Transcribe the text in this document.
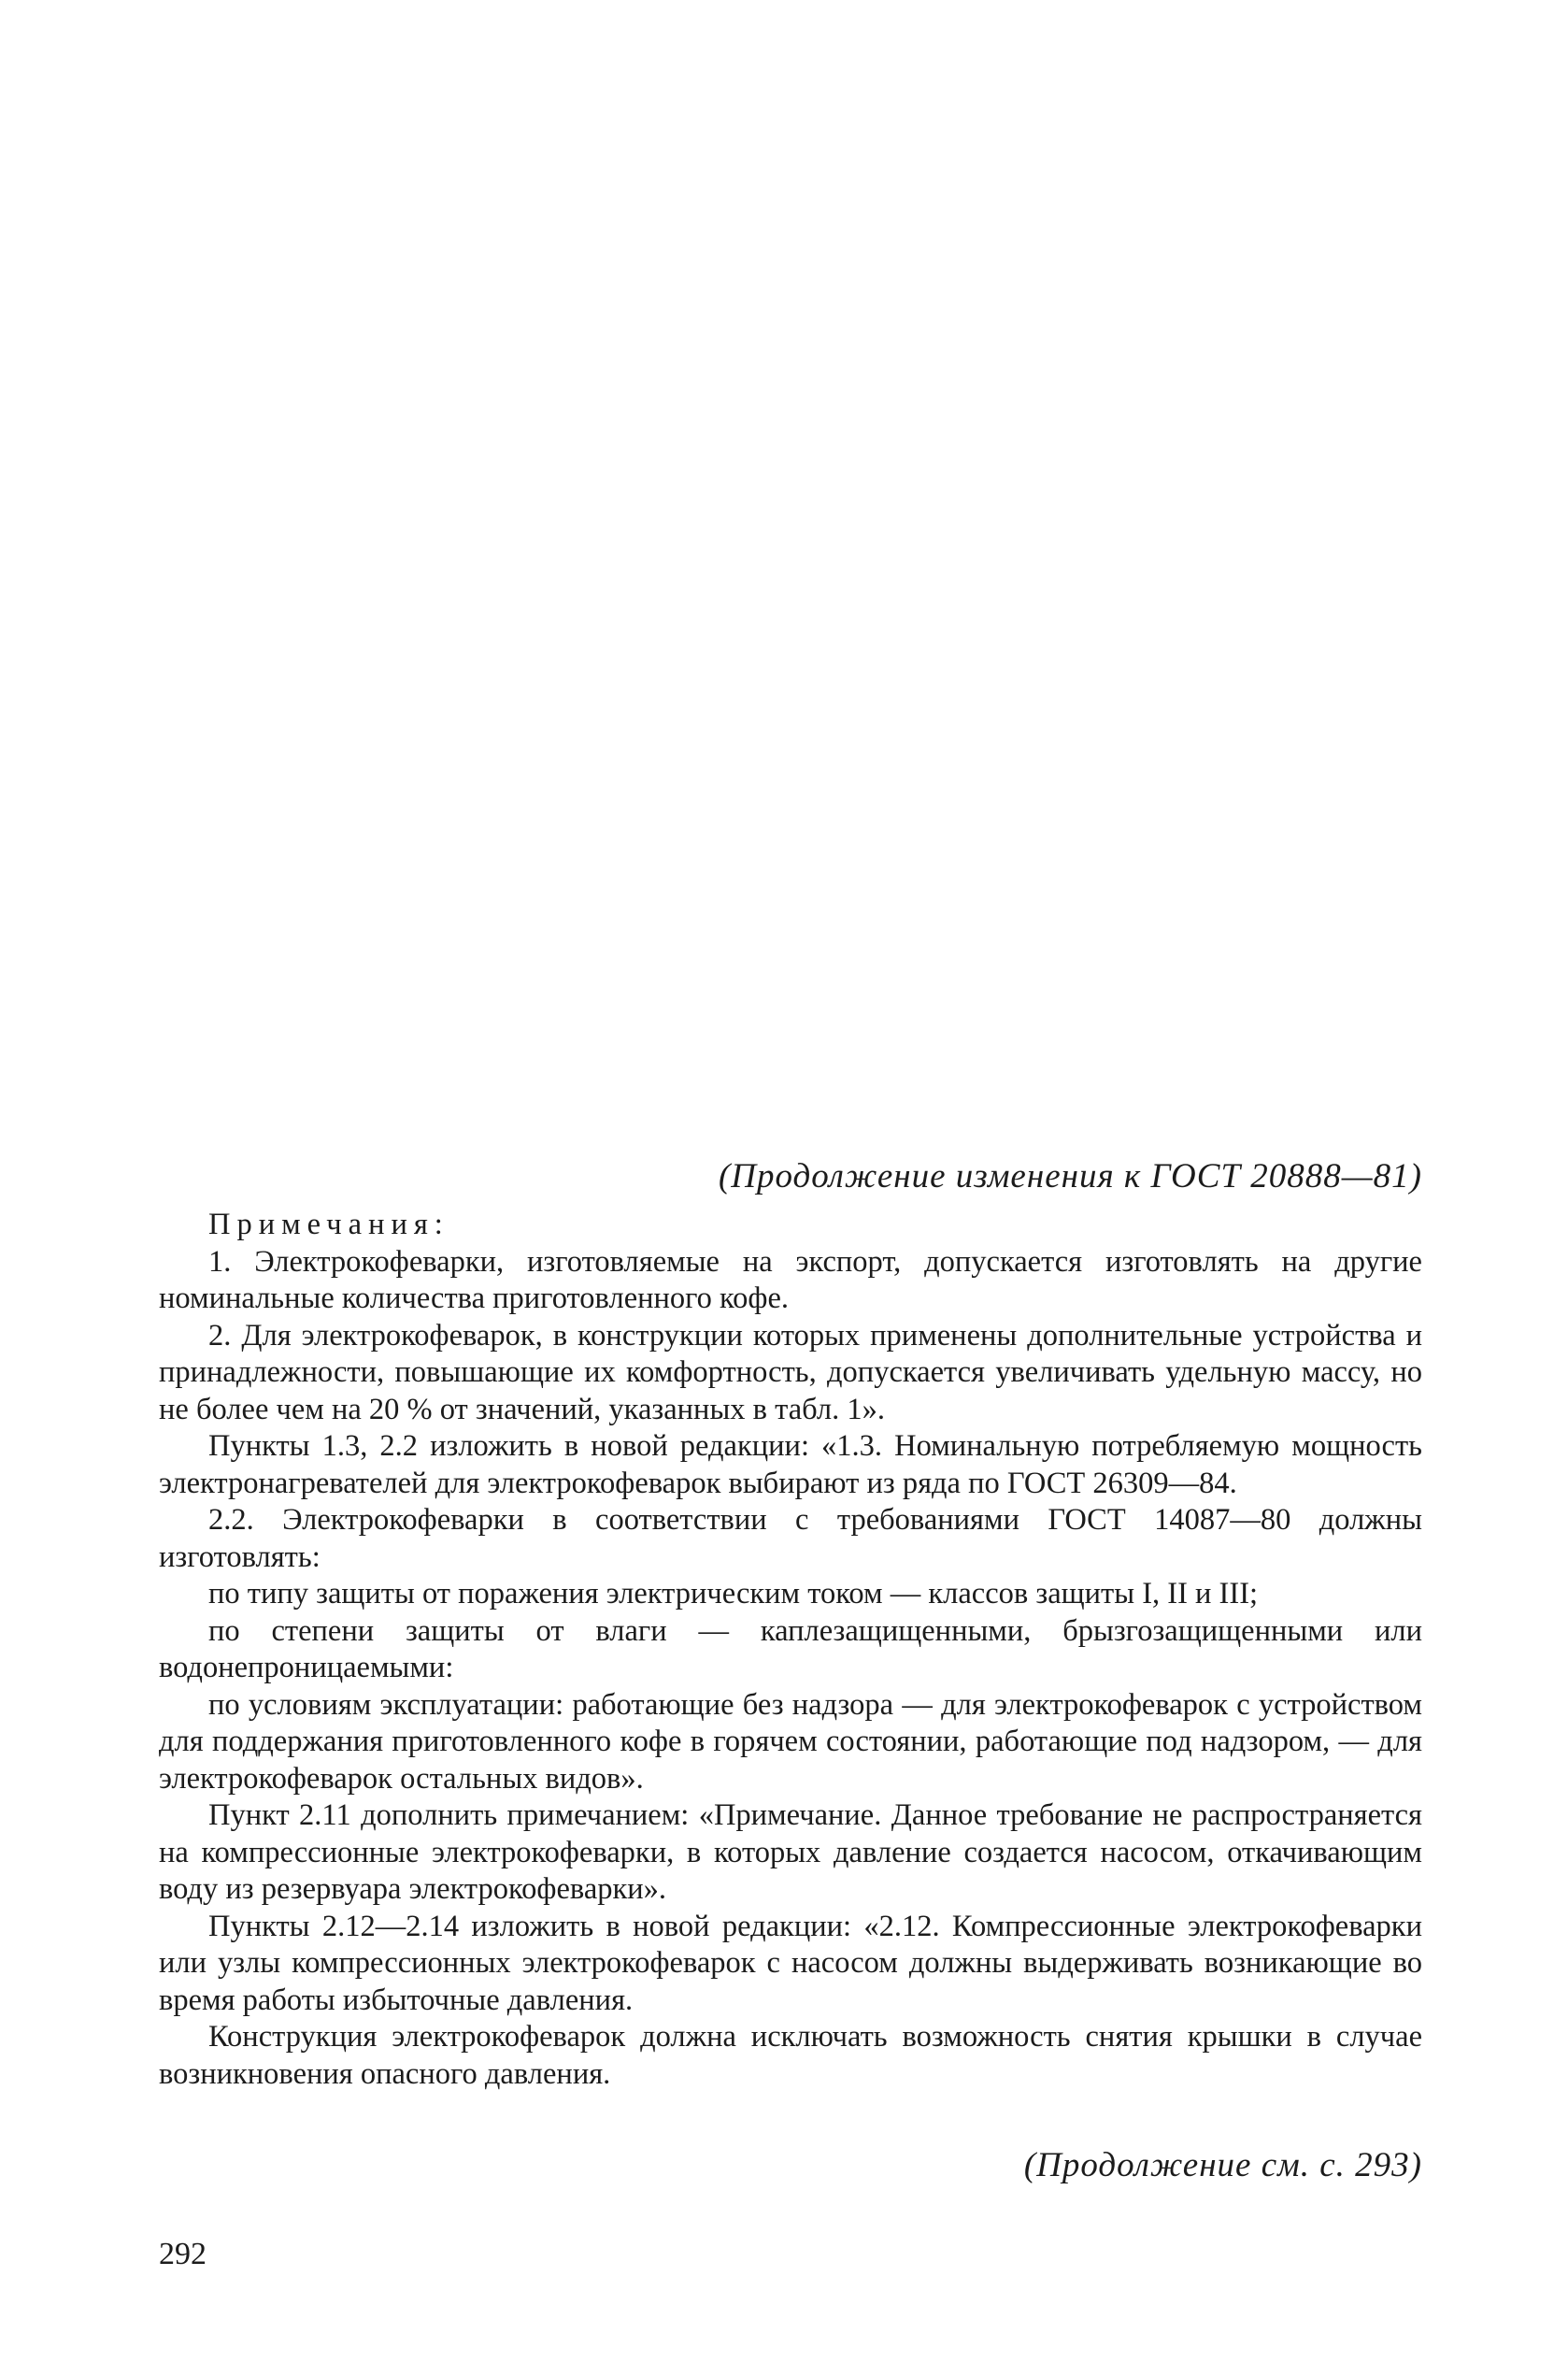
(Продолжение изменения к ГОСТ 20888—81)

Примечания:

1. Электрокофеварки, изготовляемые на экспорт, допускается изготовлять на другие номинальные количества приготовленного кофе.

2. Для электрокофеварок, в конструкции которых применены дополнительные устройства и принадлежности, повышающие их комфортность, допускается увеличивать удельную массу, но не более чем на 20 % от значений, указанных в табл. 1».

Пункты 1.3, 2.2 изложить в новой редакции: «1.3. Номинальную потребляемую мощность электронагревателей для электрокофеварок выбирают из ряда по ГОСТ 26309—84.

2.2. Электрокофеварки в соответствии с требованиями ГОСТ 14087—80 должны изготовлять:

по типу защиты от поражения электрическим током — классов защиты I, II и III;

по степени защиты от влаги — каплезащищенными, брызгозащищенными или водонепроницаемыми:

по условиям эксплуатации: работающие без надзора — для электрокофеварок с устройством для поддержания приготовленного кофе в горячем состоянии, работающие под надзором, — для электрокофеварок остальных видов».

Пункт 2.11 дополнить примечанием: «Примечание. Данное требование не распространяется на компрессионные электрокофеварки, в которых давление создается насосом, откачивающим воду из резервуара электрокофеварки».

Пункты 2.12—2.14 изложить в новой редакции: «2.12. Компрессионные электрокофеварки или узлы компрессионных электрокофеварок с насосом должны выдерживать возникающие во время работы избыточные давления.

Конструкция электрокофеварок должна исключать возможность снятия крышки в случае возникновения опасного давления.

(Продолжение см. с. 293)
292
